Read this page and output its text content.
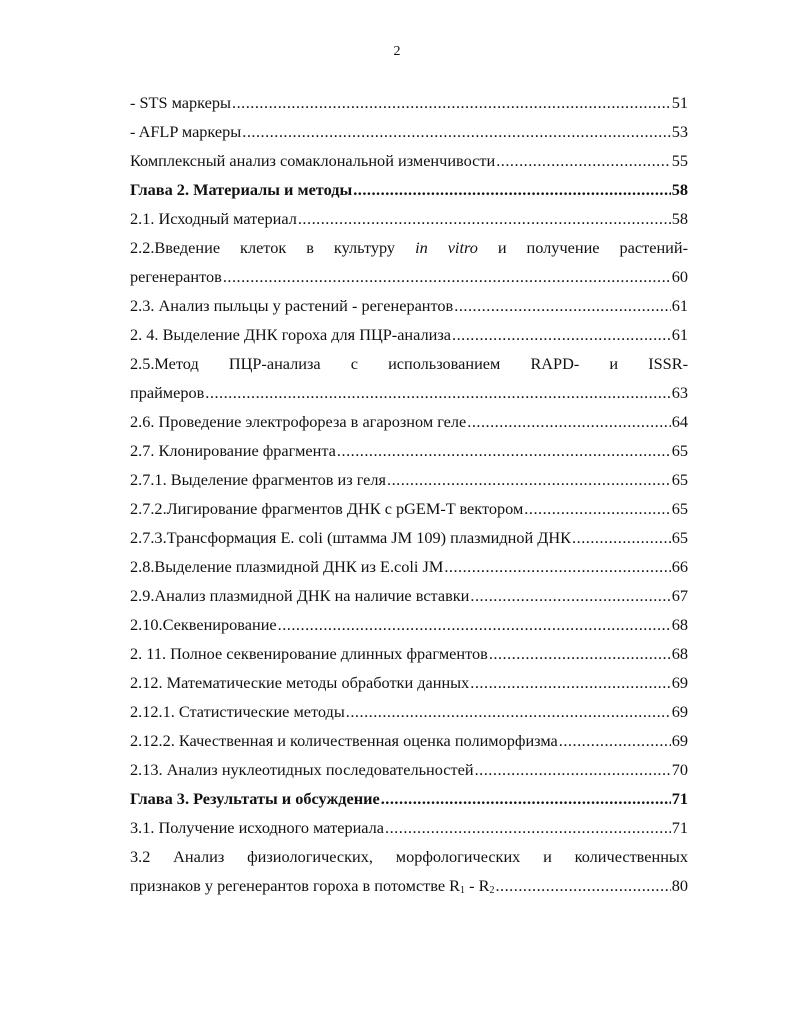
2
- STS маркеры .....	51
- AFLP маркеры .....	53
Комплексный анализ сомаклональной изменчивости .....	55
Глава 2. Материалы и методы .....	58
2.1. Исходный материал .....	58
2.2.Введение клеток в культуру in vitro и получение растений-
регенерантов .....	60
2.3. Анализ пыльцы у растений - регенерантов .....	61
2. 4. Выделение ДНК гороха для ПЦР-анализа .....	61
2.5.Метод ПЦР-анализа с использованием RAPD- и ISSR-
праймеров .....	63
2.6. Проведение электрофореза в агарозном геле .....	64
2.7. Клонирование фрагмента .....	65
2.7.1. Выделение фрагментов из геля .....	65
2.7.2.Лигирование фрагментов ДНК с pGEM-T вектором .....	65
2.7.3.Трансформация E. coli (штамма JM 109) плазмидной ДНК .....	65
2.8.Выделение плазмидной ДНК из E.coli JM .....	66
2.9.Анализ плазмидной ДНК на наличие вставки .....	67
2.10.Секвенирование .....	68
2. 11. Полное секвенирование длинных фрагментов .....	68
2.12. Математические методы обработки данных .....	69
2.12.1. Статистические методы .....	69
2.12.2. Качественная и количественная оценка полиморфизма .....	69
2.13. Анализ нуклеотидных последовательностей .....	70
Глава 3. Результаты и обсуждение .....	71
3.1. Получение исходного материала .....	71
3.2 Анализ физиологических, морфологических и количественных
признаков у регенерантов гороха в потомстве $R_1 - R_2$ .....	80
